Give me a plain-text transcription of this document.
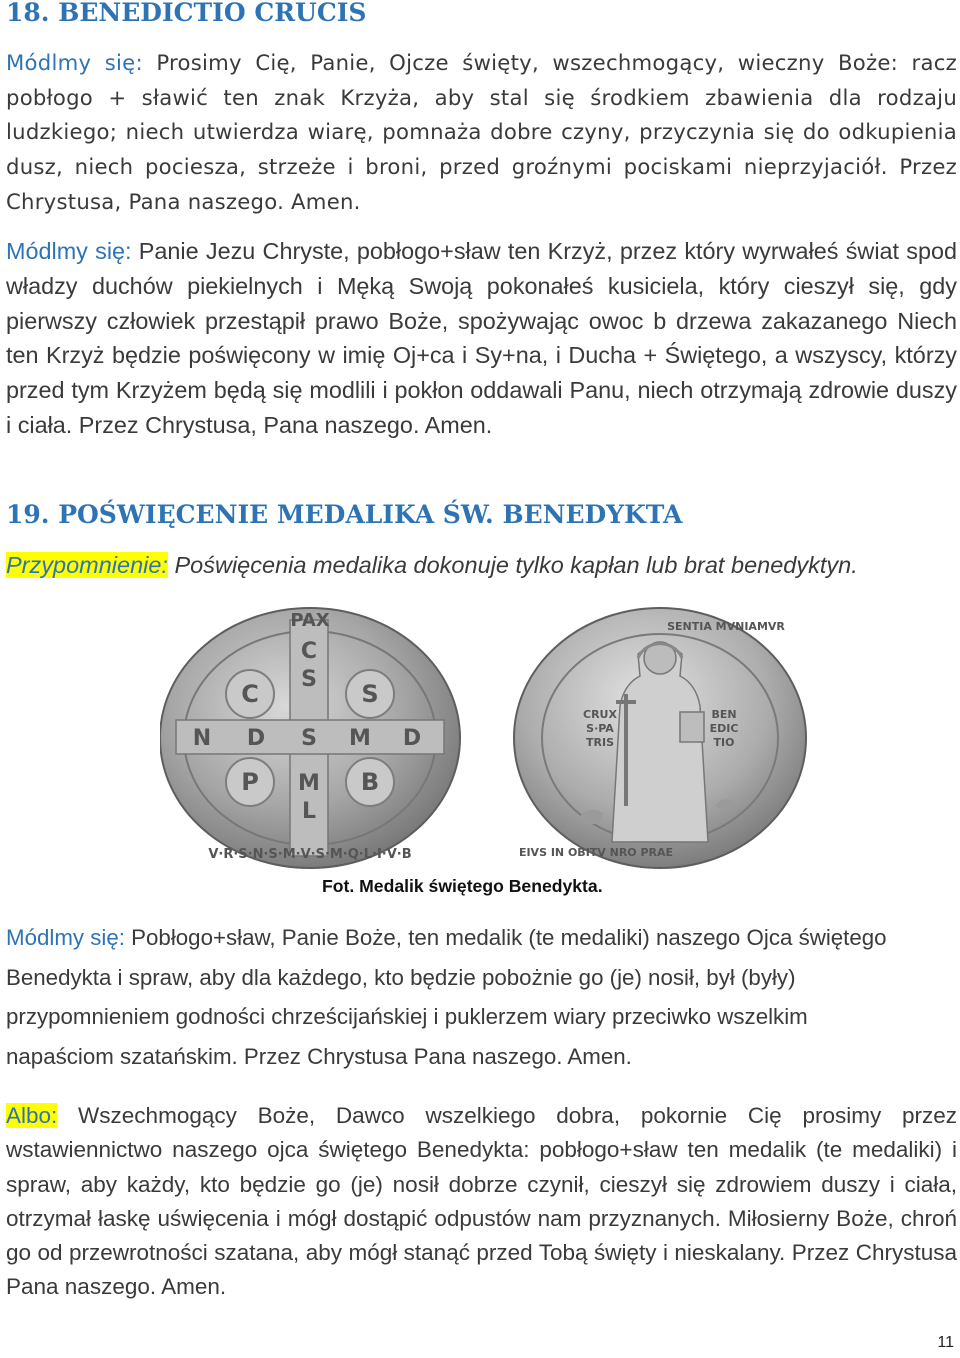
18. BENEDICTIO CRUCIS

Módlmy się: Prosimy Cię, Panie, Ojcze święty, wszechmogący, wieczny Boże: racz pobłogo + sławić ten znak Krzyża, aby stal się środkiem zbawienia dla rodzaju ludzkiego; niech utwierdza wiarę, pomnaża dobre czyny, przyczynia się do odkupienia dusz, niech pociesza, strzeże i broni, przed groźnymi pociskami nieprzyjaciół. Przez Chrystusa, Pana naszego. Amen.

Módlmy się: Panie Jezu Chryste, pobłogo+sław ten Krzyż, przez który wyrwałeś świat spod władzy duchów piekielnych i Męką Swoją pokonałeś kusiciela, który cieszył się, gdy pierwszy człowiek przestąpił prawo Boże, spożywając owoc b drzewa zakazanego Niech ten Krzyż będzie poświęcony w imię Oj+ca i Sy+na, i Ducha + Świętego, a wszyscy, którzy przed tym Krzyżem będą się modlili i pokłon oddawali Panu, niech otrzymają zdrowie duszy i ciała. Przez Chrystusa, Pana naszego. Amen.

19. POŚWIĘCENIE MEDALIKA ŚW. BENEDYKTA

Przypomnienie: Poświęcenia medalika dokonuje tylko kapłan lub brat benedyktyn.

PAX
C
S
M
L
N D S M D
C	S
P	B
V·R·S·N·S·M·V·S·M·Q·L·I·V·B
CRUX
S·PA
TRIS
BEN
EDIC
TIO
EIVS IN OBITV NRO PRAE
SENTIA MVNIAMVR

Fot. Medalik świętego Benedykta.

Módlmy się: Pobłogo+sław, Panie Boże, ten medalik (te medaliki) naszego Ojca świętego Benedykta i spraw, aby dla każdego, kto będzie pobożnie go (je) nosił, był (były) przypomnieniem godności chrześcijańskiej i puklerzem wiary przeciwko wszelkim napaściom szatańskim. Przez Chrystusa Pana naszego. Amen.

Albo: Wszechmogący Boże, Dawco wszelkiego dobra, pokornie Cię prosimy przez wstawiennictwo naszego ojca świętego Benedykta: pobłogo+sław ten medalik (te medaliki) i spraw, aby każdy, kto będzie go (je) nosił dobrze czynił, cieszył się zdrowiem duszy i ciała, otrzymał łaskę uświęcenia i mógł dostąpić odpustów nam przyznanych. Miłosierny Boże, chroń go od przewrotności szatana, aby mógł stanąć przed Tobą święty i nieskalany. Przez Chrystusa Pana naszego. Amen.

11
